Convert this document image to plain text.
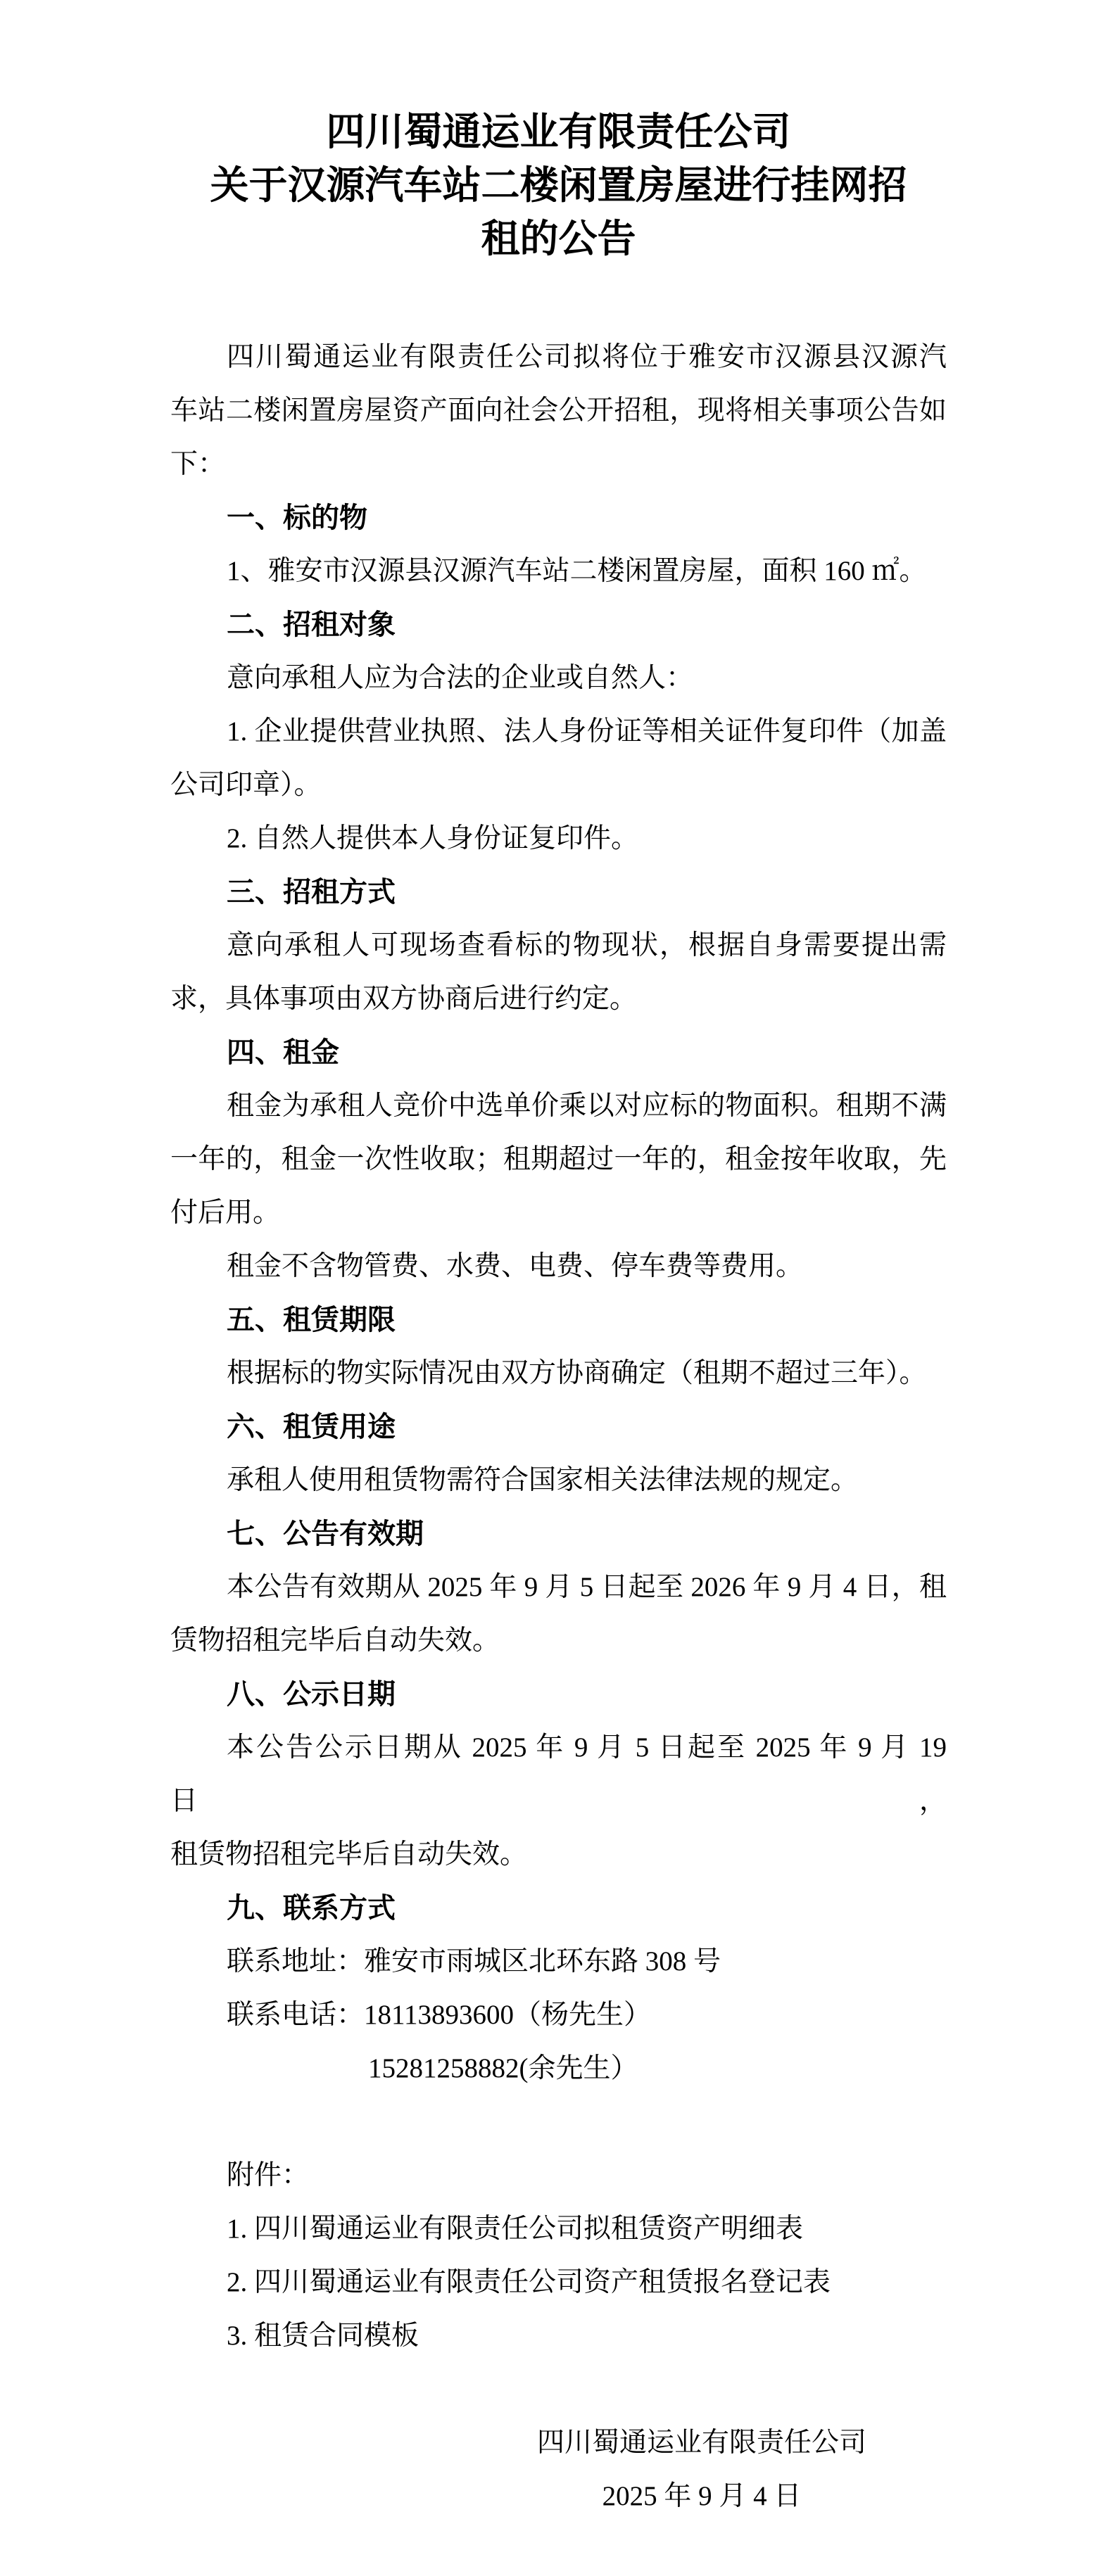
四川蜀通运业有限责任公司
关于汉源汽车站二楼闲置房屋进行挂网招
租的公告
四川蜀通运业有限责任公司拟将位于雅安市汉源县汉源汽
车站二楼闲置房屋资产面向社会公开招租，现将相关事项公告如
下：
一、标的物
1、雅安市汉源县汉源汽车站二楼闲置房屋，面积 160 ㎡。
二、招租对象
意向承租人应为合法的企业或自然人：
1. 企业提供营业执照、法人身份证等相关证件复印件（加盖
公司印章）。
2. 自然人提供本人身份证复印件。
三、招租方式
意向承租人可现场查看标的物现状，根据自身需要提出需
求，具体事项由双方协商后进行约定。
四、租金
租金为承租人竞价中选单价乘以对应标的物面积。租期不满
一年的，租金一次性收取；租期超过一年的，租金按年收取，先
付后用。
租金不含物管费、水费、电费、停车费等费用。
五、租赁期限
根据标的物实际情况由双方协商确定（租期不超过三年）。
六、租赁用途
承租人使用租赁物需符合国家相关法律法规的规定。
七、公告有效期
本公告有效期从 2025 年 9 月 5 日起至 2026 年 9 月 4 日，租
赁物招租完毕后自动失效。
八、公示日期
本公告公示日期从 2025 年 9 月 5 日起至 2025 年 9 月 19 日，
租赁物招租完毕后自动失效。
九、联系方式
联系地址：雅安市雨城区北环东路 308 号
联系电话：18113893600（杨先生）
15281258882(余先生）
附件：
1. 四川蜀通运业有限责任公司拟租赁资产明细表
2. 四川蜀通运业有限责任公司资产租赁报名登记表
3. 租赁合同模板
四川蜀通运业有限责任公司
2025 年 9 月 4 日
